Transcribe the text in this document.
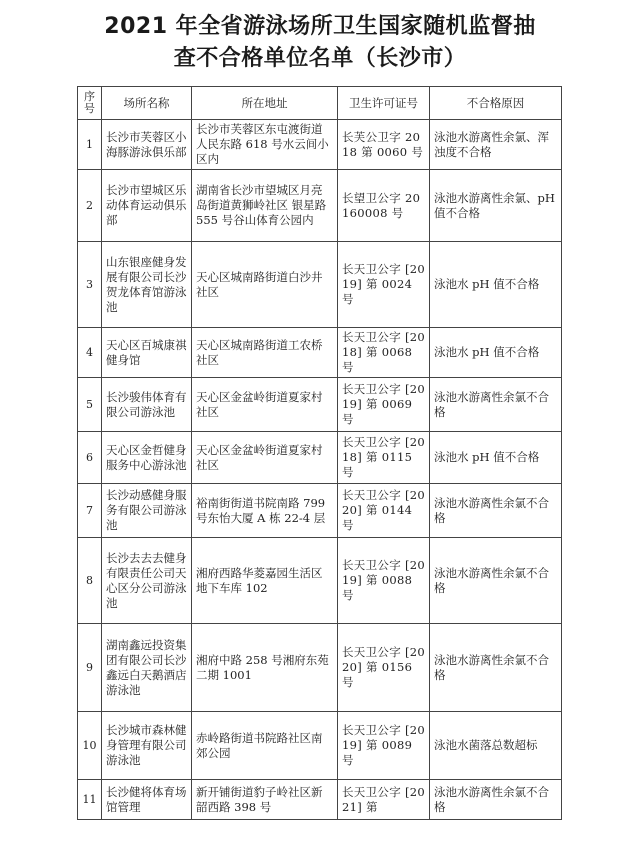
2021 年全省游泳场所卫生国家随机监督抽
查不合格单位名单（长沙市）
序号	场所名称	所在地址	卫生许可证号	不合格原因
1	长沙市芙蓉区小海豚游泳俱乐部	长沙市芙蓉区东屯渡街道人民东路 618 号水云间小区内	长芙公卫字 2018 第 0060 号	泳池水游离性余氯、浑浊度不合格
2	长沙市望城区乐动体育运动俱乐部	湖南省长沙市望城区月亮岛街道黄狮岭社区 银星路 555 号谷山体育公园内	长望卫公字 20160008 号	泳池水游离性余氯、pH 值不合格
3	山东银座健身发展有限公司长沙贺龙体育馆游泳池	天心区城南路街道白沙井社区	长天卫公字 [2019] 第 0024 号	泳池水 pH 值不合格
4	天心区百城康祺健身馆	天心区城南路街道工农桥社区	长天卫公字 [2018] 第 0068 号	泳池水 pH 值不合格
5	长沙骏伟体育有限公司游泳池	天心区金盆岭街道夏家村社区	长天卫公字 [2019] 第 0069 号	泳池水游离性余氯不合格
6	天心区金哲健身服务中心游泳池	天心区金盆岭街道夏家村社区	长天卫公字 [2018] 第 0115 号	泳池水 pH 值不合格
7	长沙动感健身服务有限公司游泳池	裕南街街道书院南路 799 号东怡大厦 A 栋 22-4 层	长天卫公字 [2020] 第 0144 号	泳池水游离性余氯不合格
8	长沙去去去健身有限责任公司天心区分公司游泳池	湘府西路华菱嘉园生活区地下车库 102	长天卫公字 [2019] 第 0088 号	泳池水游离性余氯不合格
9	湖南鑫远投资集团有限公司长沙鑫远白天鹅酒店游泳池	湘府中路 258 号湘府东苑二期 1001	长天卫公字 [2020] 第 0156 号	泳池水游离性余氯不合格
10	长沙城市森林健身管理有限公司游泳池	赤岭路街道书院路社区南郊公园	长天卫公字 [2019] 第 0089 号	泳池水菌落总数超标
11	长沙健将体育场馆管理	新开铺街道豹子岭社区新韶西路 398 号	长天卫公字 [2021] 第	泳池水游离性余氯不合格
